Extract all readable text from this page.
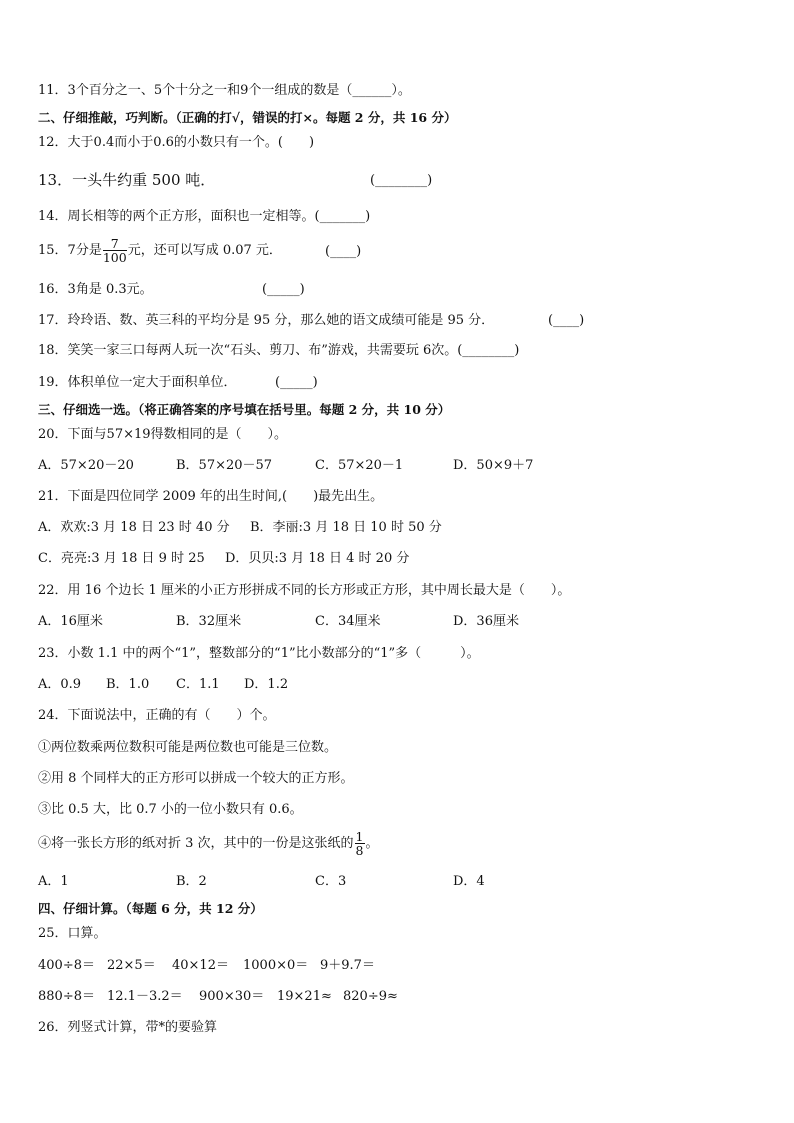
11．3个百分之一、5个十分之一和9个一组成的数是（______）。
二、仔细推敲，巧判断。（正确的打√，错误的打×。每题 2 分，共 16 分）
12．大于0.4而小于0.6的小数只有一个。(　　)
13．一头牛约重 500 吨．	(________)
14．周长相等的两个正方形，面积也一定相等。(_______)
15．7分是 $\frac{7}{100}$ 元，还可以写成 0.07 元．	(____)
16．3角是 0.3元。	(_____)
17．玲玲语、数、英三科的平均分是 95 分，那么她的语文成绩可能是 95 分．	(____)
18．笑笑一家三口每两人玩一次“石头、剪刀、布”游戏，共需要玩 6次。(________)
19．体积单位一定大于面积单位．	(_____)
三、仔细选一选。（将正确答案的序号填在括号里。每题 2 分，共 10 分）
20．下面与57×19得数相同的是（　　）。
A．57×20－20	B．57×20－57	C．57×20－1	D．50×9＋7
21．下面是四位同学 2009 年的出生时间,(　　)最先出生。
A．欢欢:3 月 18 日 23 时 40 分 B．李丽:3 月 18 日 10 时 50 分
C．亮亮:3 月 18 日 9 时 25 D．贝贝:3 月 18 日 4 时 20 分
22．用 16 个边长 1 厘米的小正方形拼成不同的长方形或正方形，其中周长最大是（　　）。
A．16厘米	B．32厘米	C．34厘米	D．36厘米
23．小数 1.1 中的两个“1”，整数部分的“1”比小数部分的“1”多（　　　）。
A．0.9 B．1.0 C．1.1 D．1.2
24．下面说法中，正确的有（　　）个。
①两位数乘两位数积可能是两位数也可能是三位数。
②用 8 个同样大的正方形可以拼成一个较大的正方形。
③比 0.5 大，比 0.7 小的一位小数只有 0.6。
④将一张长方形的纸对折 3 次，其中的一份是这张纸的 $\frac{1}{8}$ 。
A．1	B．2	C．3	D．4
四、仔细计算。（每题 6 分，共 12 分）
25．口算。
400÷8＝ 22×5＝ 40×12＝ 1000×0＝ 9＋9.7＝
880÷8＝ 12.1－3.2＝ 900×30＝ 19×21≈ 820÷9≈
26．列竖式计算，带*的要验算
